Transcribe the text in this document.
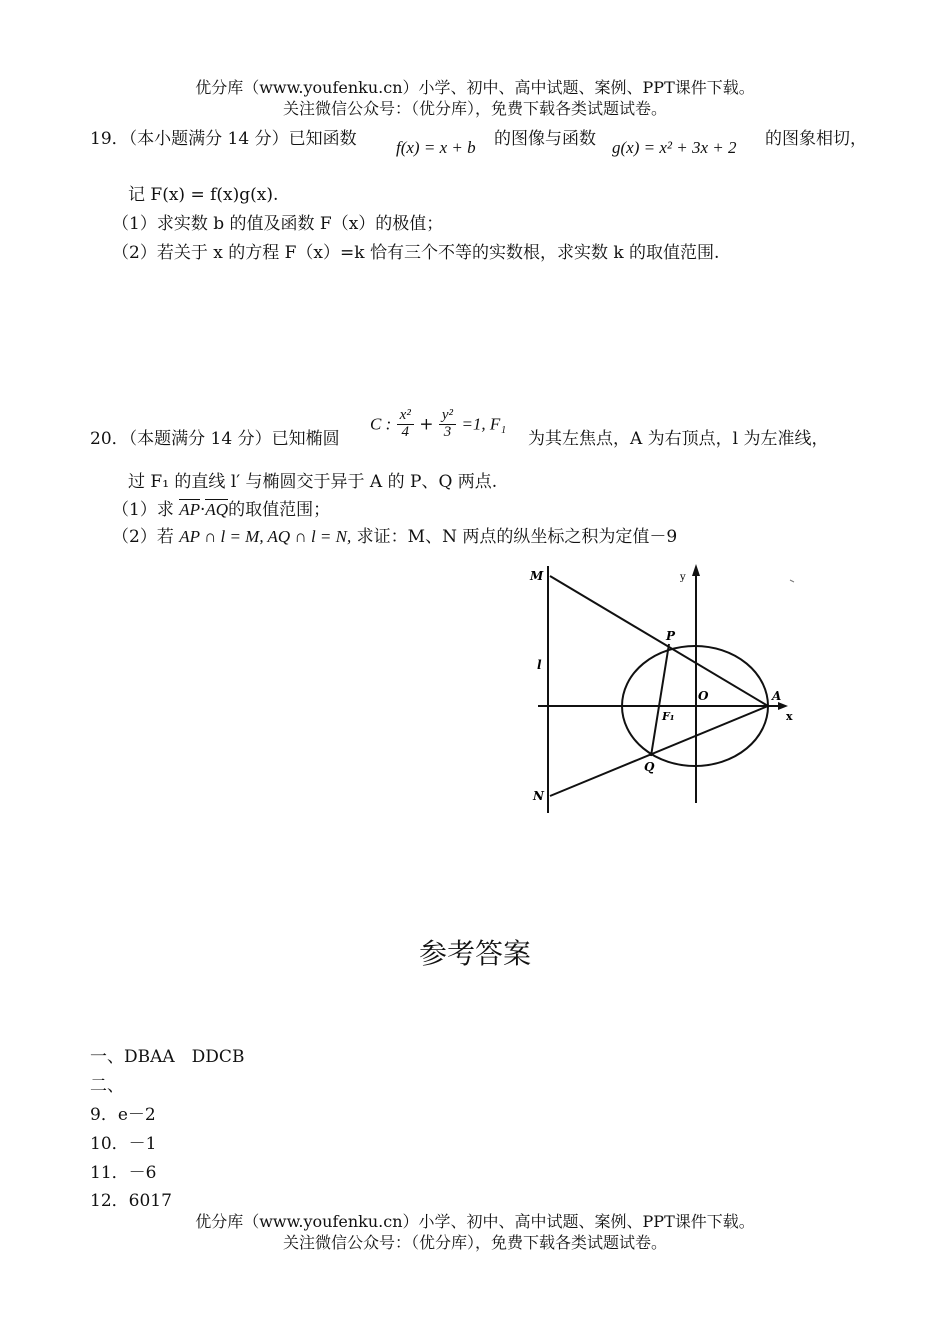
优分库（www.youfenku.cn）小学、初中、高中试题、案例、PPT课件下载。
关注微信公众号：（优分库），免费下载各类试题试卷。
19．（本小题满分 14 分）已知函数 f(x) = x + b 的图像与函数 g(x) = x² + 3x + 2 的图象相切，
记 F(x) = f(x)g(x).
（1）求实数 b 的值及函数 F（x）的极值；
（2）若关于 x 的方程 F（x）=k 恰有三个不等的实数根，求实数 k 的取值范围.
20．（本题满分 14 分）已知椭圆
C : $\frac{\text{x²}}{4} + \frac{\text{y²}}{3} =1$, F₁
为其左焦点，A 为右顶点，l 为左准线，
过 F₁ 的直线 l′ 与椭圆交于异于 A 的 P、Q 两点.
（1）求 AP·AQ的取值范围；
（2）若 AP ∩ l = M, AQ ∩ l = N, 求证：M、N 两点的纵坐标之积为定值－9
M	y
P
l
O	A
F₁	x
Q
N
参考答案
一、DBAA　DDCB
二、
9．e－2
10．－1
11．－6
12．6017
优分库（www.youfenku.cn）小学、初中、高中试题、案例、PPT课件下载。
关注微信公众号：（优分库），免费下载各类试题试卷。
